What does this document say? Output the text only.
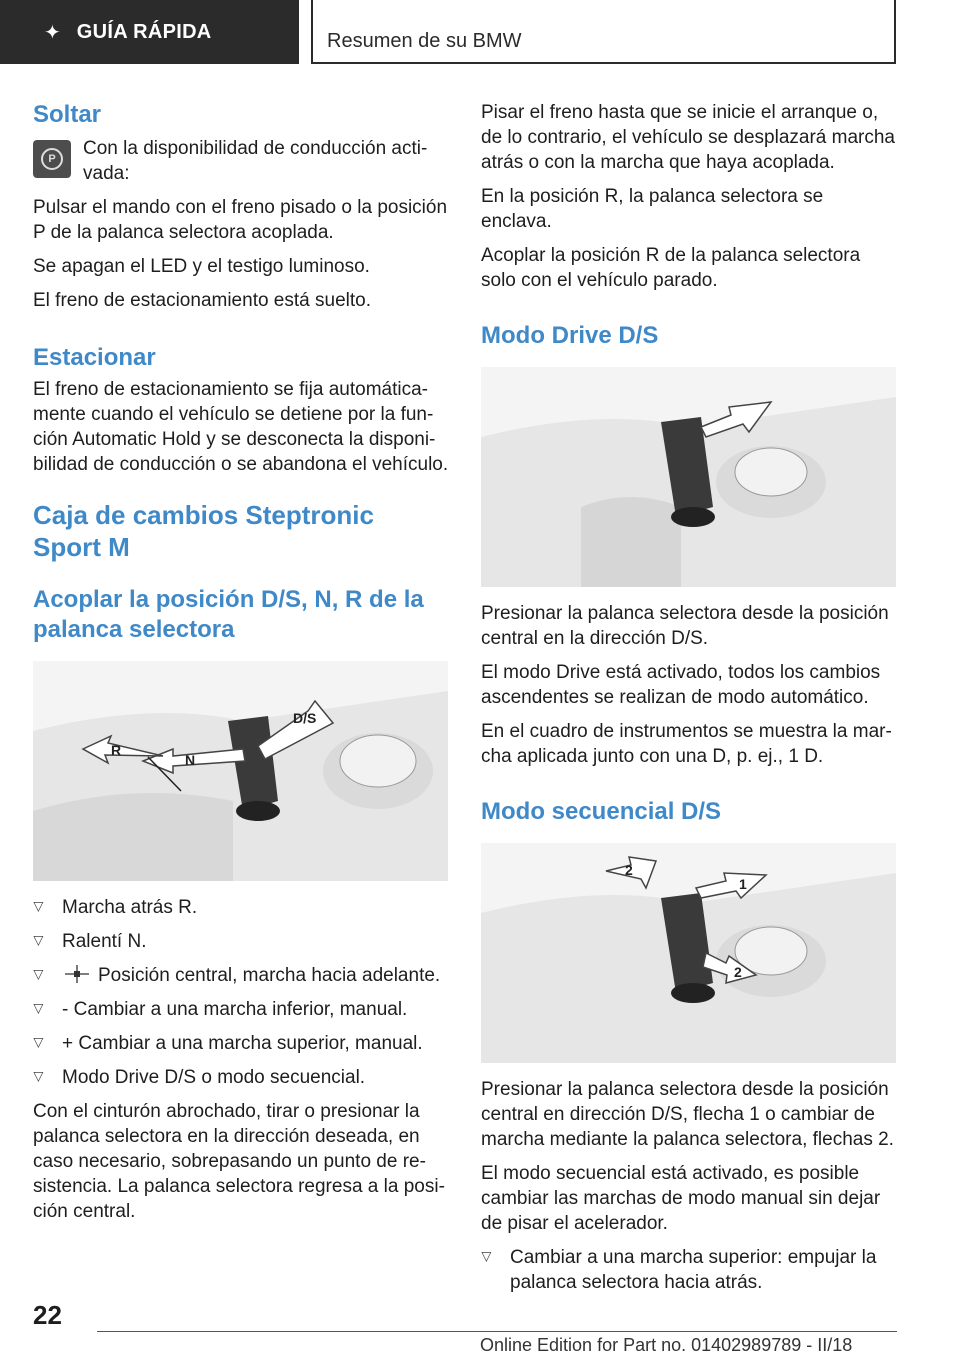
✦ GUÍA RÁPIDA	Resumen de su BMW
Soltar
P	Con la disponibilidad de conducción acti-vada:

Pulsar el mando con el freno pisado o la posición P de la palanca selectora acoplada.

Se apagan el LED y el testigo luminoso.

El freno de estacionamiento está suelto.

Estacionar

El freno de estacionamiento se fija automática-mente cuando el vehículo se detiene por la fun-ción Automatic Hold y se desconecta la disponi-bilidad de conducción o se abandona el vehículo.

Caja de cambios Steptronic Sport M
Acoplar la posición D/S, N, R de la palanca selectora
D/S
N
R
▷ Marcha atrás R.
▷ Ralentí N.
▷ Posición central, marcha hacia adelante.
▷ - Cambiar a una marcha inferior, manual.
▷ + Cambiar a una marcha superior, manual.
▷ Modo Drive D/S o modo secuencial.

Con el cinturón abrochado, tirar o presionar la palanca selectora en la dirección deseada, en caso necesario, sobrepasando un punto de re-sistencia. La palanca selectora regresa a la posi-ción central.

Pisar el freno hasta que se inicie el arranque o, de lo contrario, el vehículo se desplazará marcha atrás o con la marcha que haya acoplada.

En la posición R, la palanca selectora se enclava.

Acoplar la posición R de la palanca selectora solo con el vehículo parado.

Modo Drive D/S

Presionar la palanca selectora desde la posición central en la dirección D/S.

El modo Drive está activado, todos los cambios ascendentes se realizan de modo automático.

En el cuadro de instrumentos se muestra la mar-cha aplicada junto con una D, p. ej., 1 D.

Modo secuencial D/S
2
1
2

Presionar la palanca selectora desde la posición central en dirección D/S, flecha 1 o cambiar de marcha mediante la palanca selectora, flechas 2.

El modo secuencial está activado, es posible cambiar las marchas de modo manual sin dejar de pisar el acelerador.

▷ Cambiar a una marcha superior: empujar la palanca selectora hacia atrás.
22
Online Edition for Part no. 01402989789 - II/18
